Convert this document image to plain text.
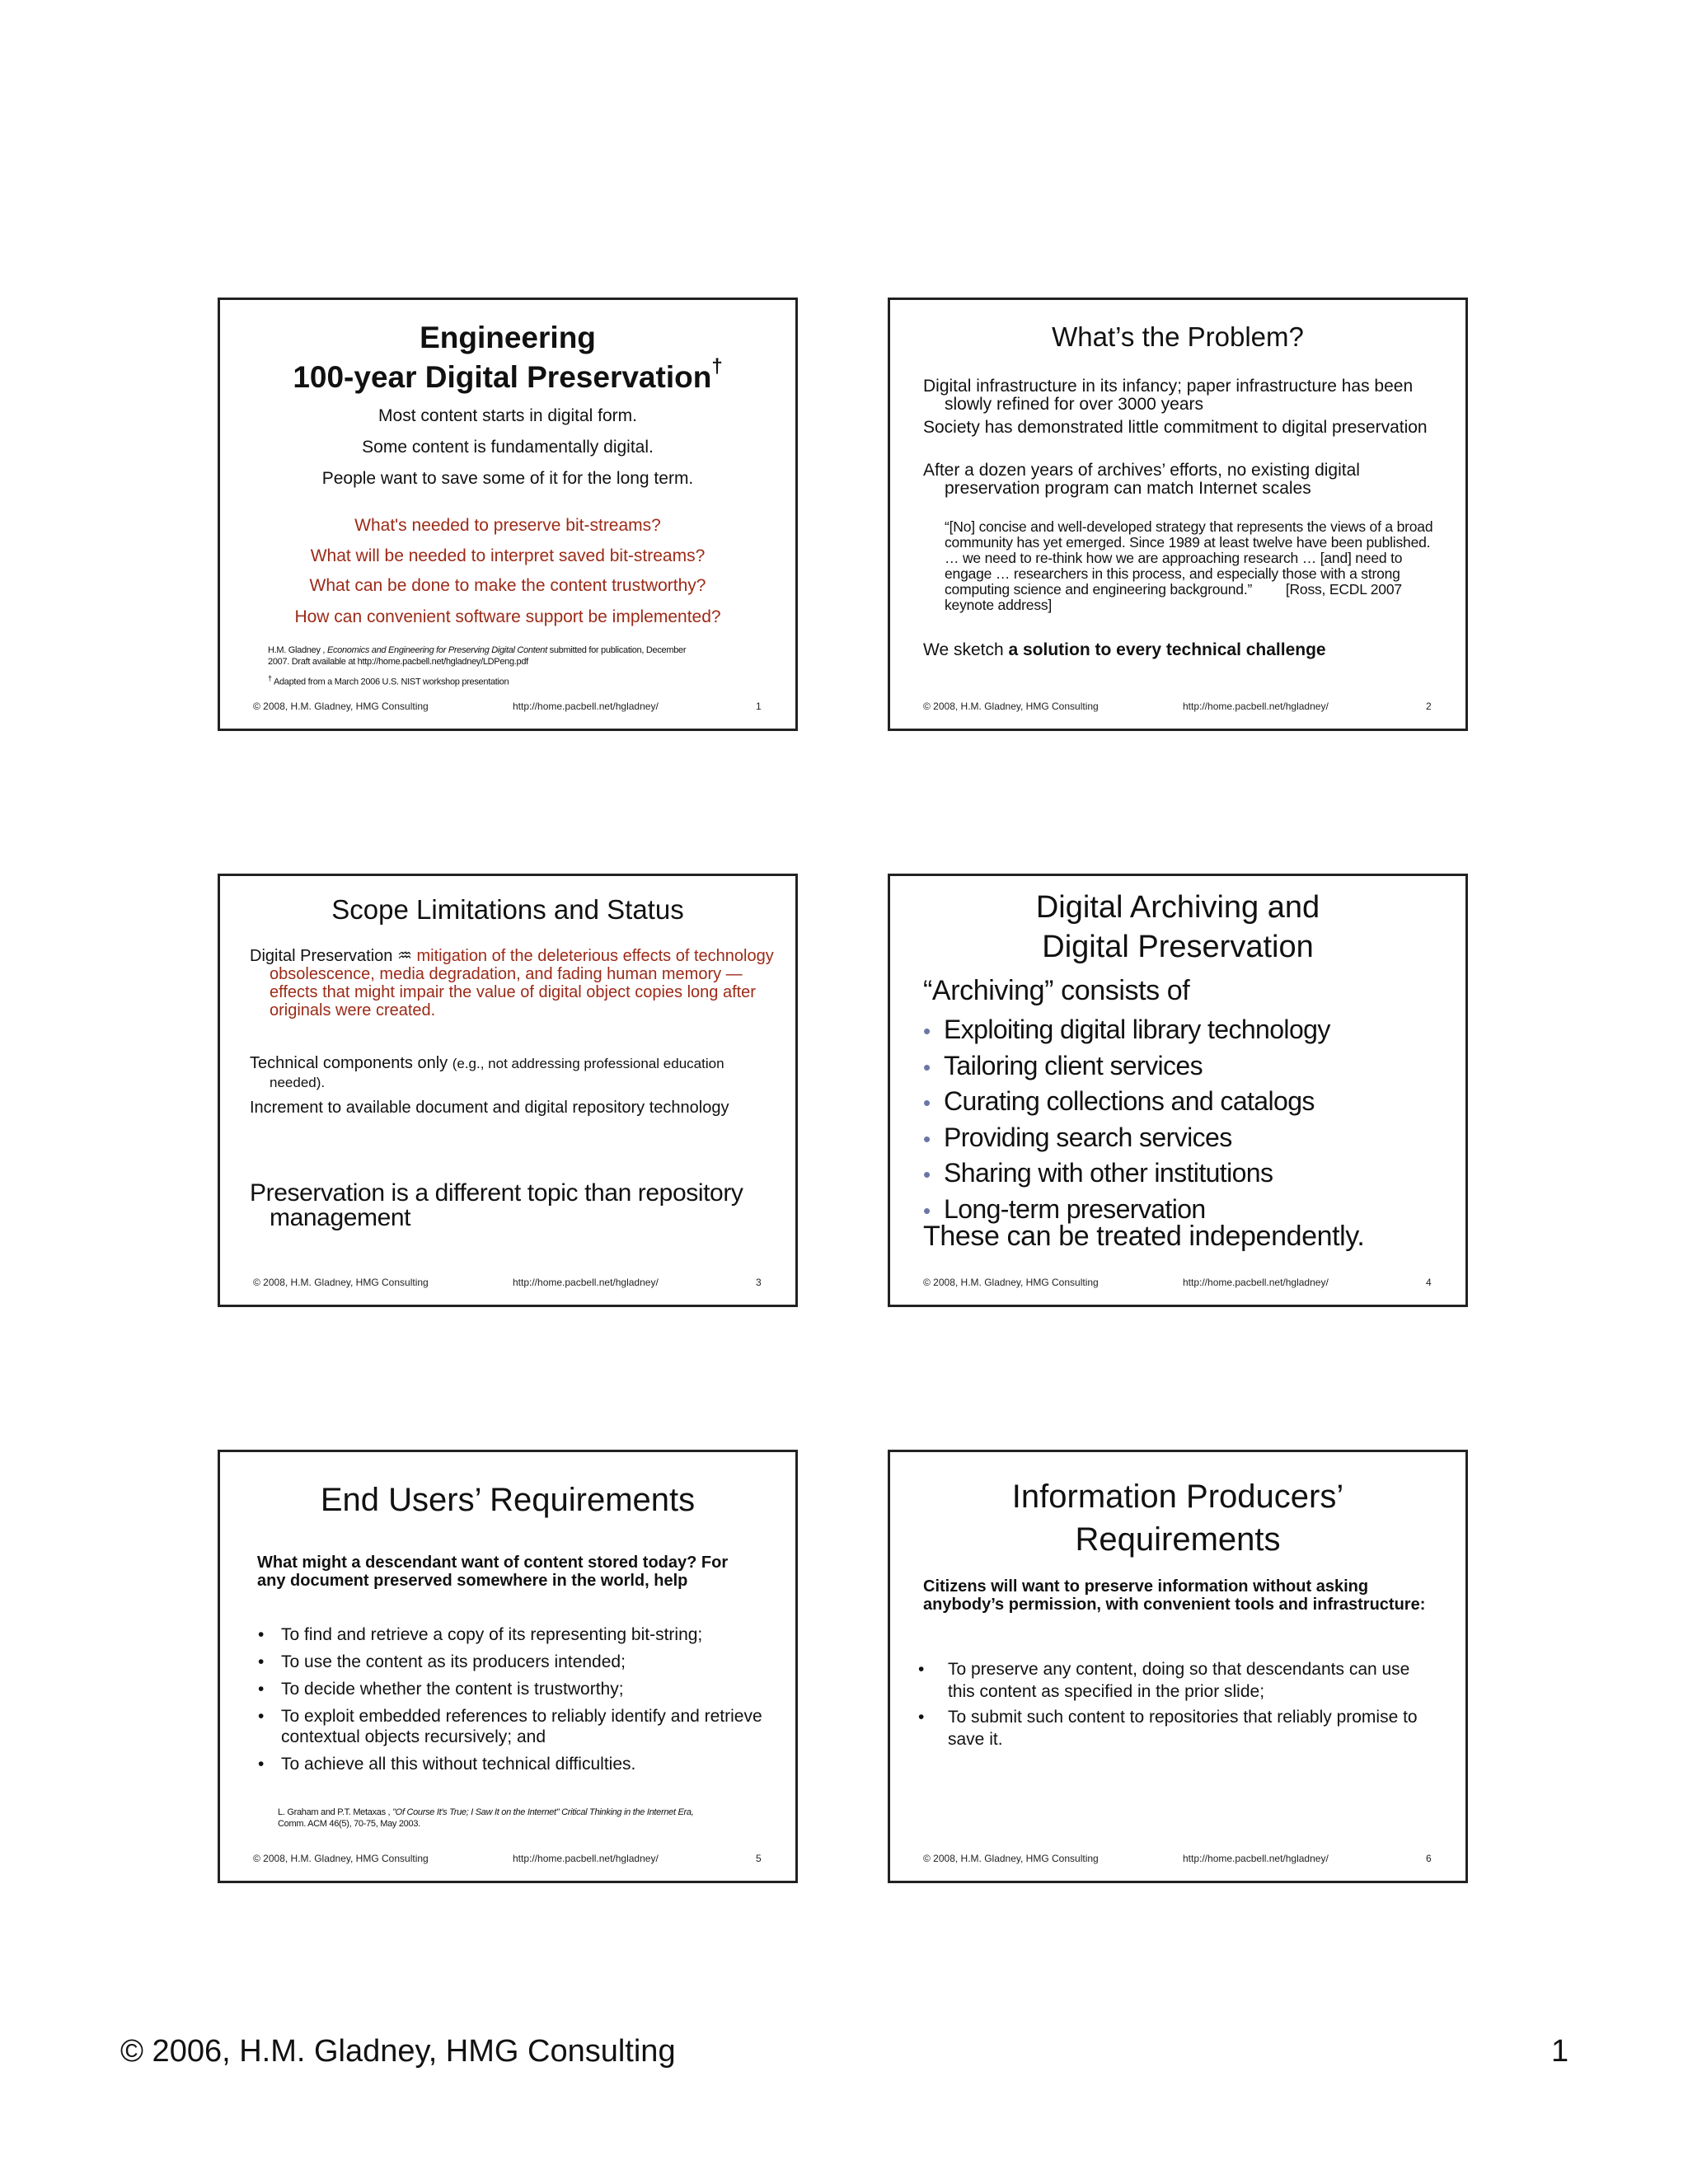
Engineering
100-year Digital Preservation†
Most content starts in digital form.
Some content is fundamentally digital.
People want to save some of it for the long term.
What's needed to preserve bit-streams?
What will be needed to interpret saved bit-streams?
What can be done to make the content trustworthy?
How can convenient software support be implemented?
H.M. Gladney , Economics and Engineering for Preserving Digital Content submitted for publication, December
2007. Draft available at http://home.pacbell.net/hgladney/LDPeng.pdf
† Adapted from a March 2006 U.S. NIST workshop presentation
© 2008, H.M. Gladney, HMG Consulting	http://home.pacbell.net/hgladney/	1
What’s the Problem?
Digital infrastructure in its infancy; paper infrastructure has been slowly refined for over 3000 years
Society has demonstrated little commitment to digital preservation
After a dozen years of archives’ efforts, no existing digital preservation program can match Internet scales
“[No] concise and well-developed strategy that represents the views of a broad community has yet emerged. Since 1989 at least twelve have been published. … we need to re-think how we are approaching research … [and] need to engage … researchers in this process, and especially those with a strong computing science and engineering background.” [Ross, ECDL 2007 keynote address]
We sketch a solution to every technical challenge
© 2008, H.M. Gladney, HMG Consulting	http://home.pacbell.net/hgladney/	2
Scope Limitations and Status
Digital Preservation ♒ mitigation of the deleterious effects of technology obsolescence, media degradation, and fading human memory —effects that might impair the value of digital object copies long after originals were created.
Technical components only (e.g., not addressing professional education needed).
Increment to available document and digital repository technology
Preservation is a different topic than repository management
© 2008, H.M. Gladney, HMG Consulting	http://home.pacbell.net/hgladney/	3
Digital Archiving and
Digital Preservation
“Archiving” consists of
• Exploiting digital library technology
• Tailoring client services
• Curating collections and catalogs
• Providing search services
• Sharing with other institutions
• Long-term preservation
These can be treated independently.
© 2008, H.M. Gladney, HMG Consulting	http://home.pacbell.net/hgladney/	4
End Users’ Requirements
What might a descendant want of content stored today? For any document preserved somewhere in the world, help
• To find and retrieve a copy of its representing bit-string;
• To use the content as its producers intended;
• To decide whether the content is trustworthy;
• To exploit embedded references to reliably identify and retrieve contextual objects recursively; and
• To achieve all this without technical difficulties.
L. Graham and P.T. Metaxas , "Of Course It's True; I Saw It on the Internet" Critical Thinking in the Internet Era,
Comm. ACM 46(5), 70-75, May 2003.
© 2008, H.M. Gladney, HMG Consulting	http://home.pacbell.net/hgladney/	5
Information Producers’
Requirements
Citizens will want to preserve information without asking anybody’s permission, with convenient tools and infrastructure:
• To preserve any content, doing so that descendants can use this content as specified in the prior slide;
• To submit such content to repositories that reliably promise to save it.
© 2008, H.M. Gladney, HMG Consulting	http://home.pacbell.net/hgladney/	6
© 2006, H.M. Gladney, HMG Consulting	1
